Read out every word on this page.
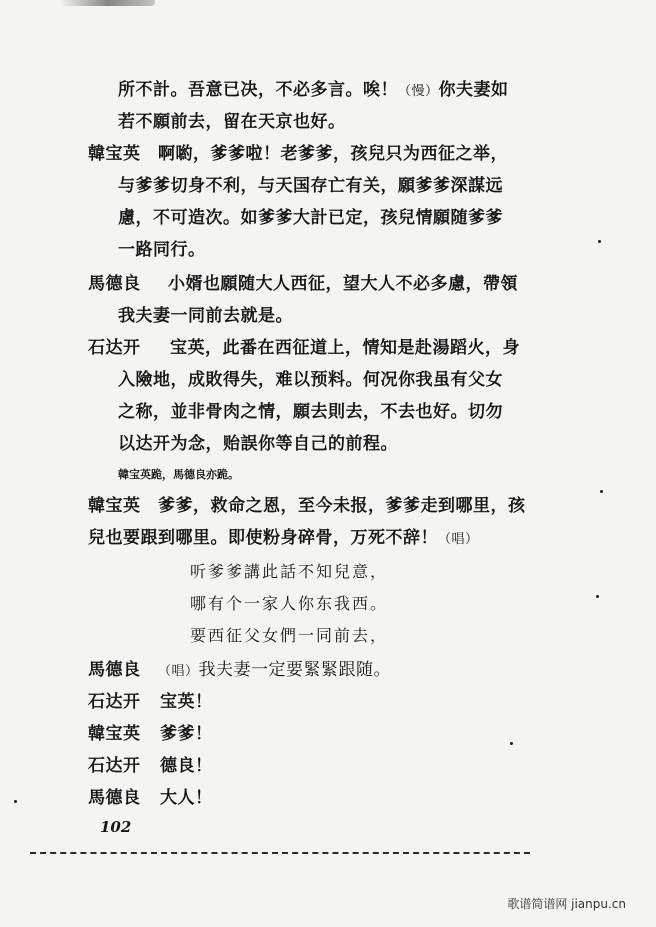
所不計。吾意已决，不必多言。唉！（慢）你夫妻如
若不願前去，留在天京也好。
韓宝英 啊喲，爹爹啦！老爹爹，孩兒只为西征之举，
与爹爹切身不利，与天国存亡有关，願爹爹深謀远
慮，不可造次。如爹爹大計已定，孩兒情願随爹爹
一路同行。
馬德良 小婿也願随大人西征，望大人不必多慮，帶領
我夫妻一同前去就是。
石达开 宝英，此番在西征道上，情知是赴湯蹈火，身
入險地，成敗得失，难以预料。何况你我虽有父女
之称，並非骨肉之情，願去則去，不去也好。切勿
以达开为念，贻誤你等自己的前程。
韓宝英跪，馬德良亦跪。
韓宝英 爹爹，救命之恩，至今未报，爹爹走到哪里，孩
兒也要跟到哪里。即使粉身碎骨，万死不辞！（唱）
听爹爹講此話不知兒意，
哪有个一家人你东我西。
要西征父女們一同前去，
馬德良 （唱）我夫妻一定要緊緊跟随。
石达开 宝英！
韓宝英 爹爹！
石达开 德良！
馬德良 大人！
102
歌谱简谱网 jianpu.cn
